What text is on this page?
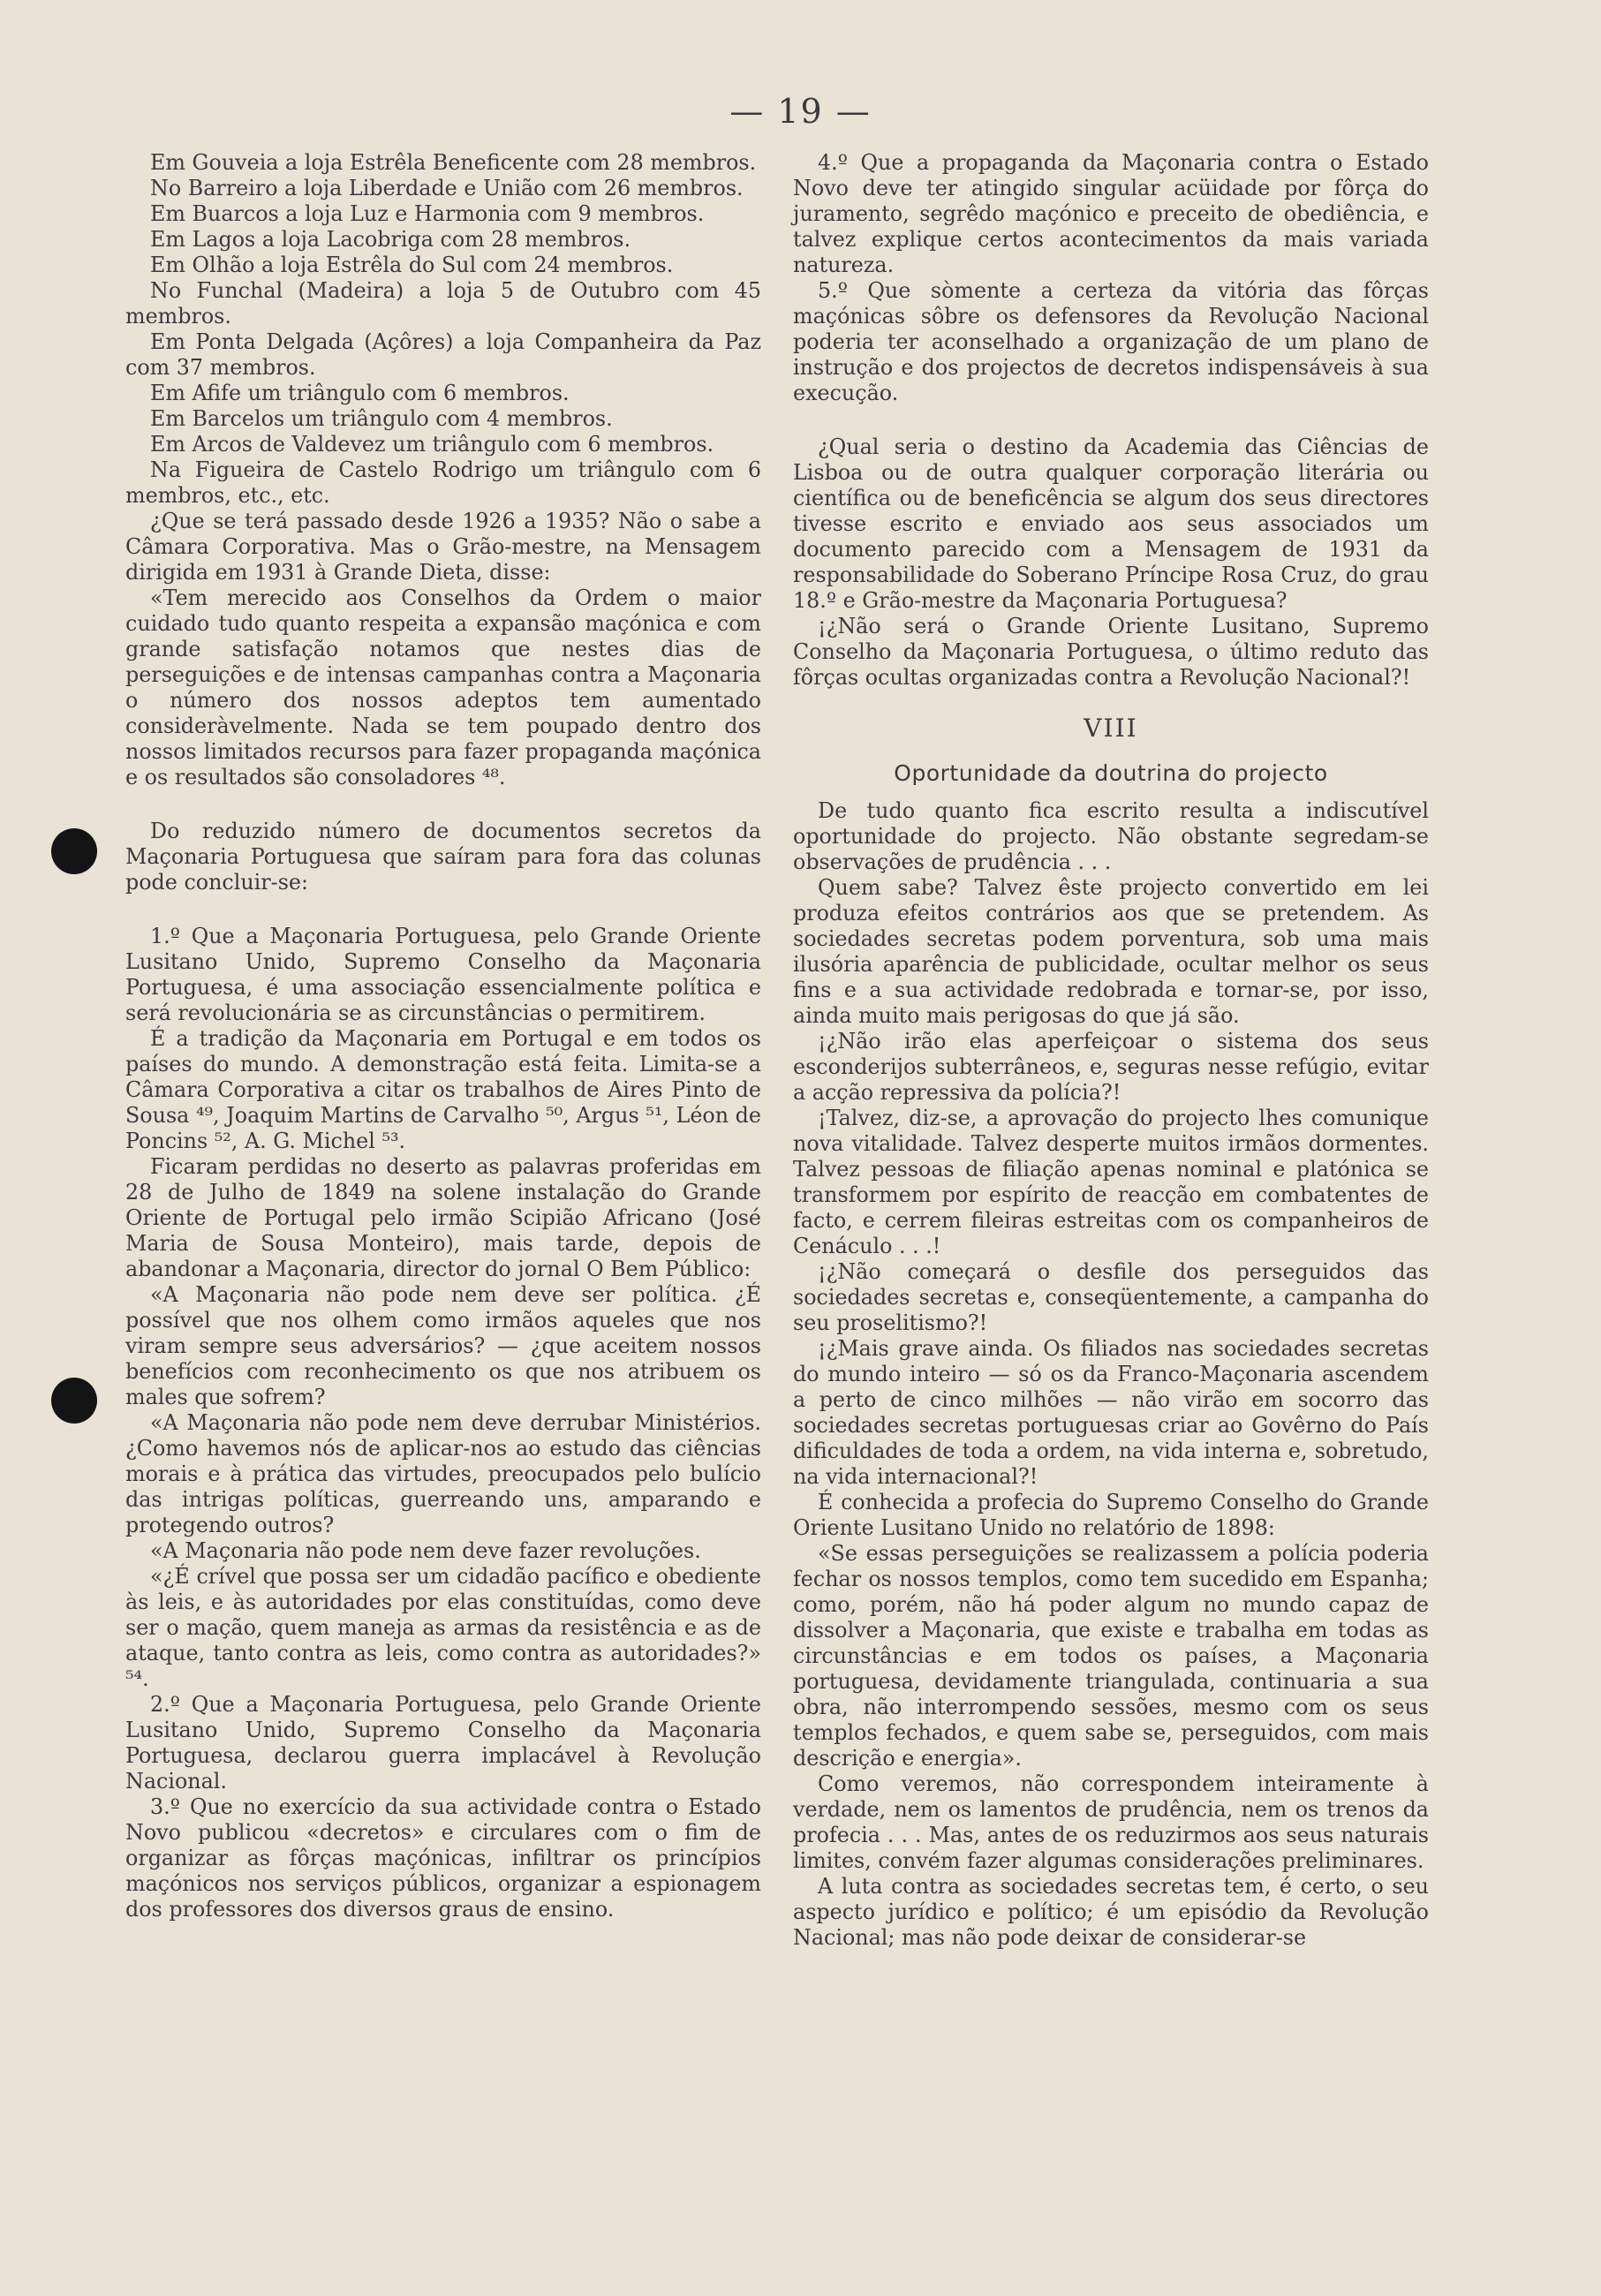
— 19 —

Em Gouveia a loja Estrêla Beneficente com 28 membros.

No Barreiro a loja Liberdade e União com 26 membros.

Em Buarcos a loja Luz e Harmonia com 9 membros.

Em Lagos a loja Lacobriga com 28 membros.

Em Olhão a loja Estrêla do Sul com 24 membros.

No Funchal (Madeira) a loja 5 de Outubro com 45 membros.

Em Ponta Delgada (Açôres) a loja Companheira da Paz com 37 membros.

Em Afife um triângulo com 6 membros.

Em Barcelos um triângulo com 4 membros.

Em Arcos de Valdevez um triângulo com 6 membros.

Na Figueira de Castelo Rodrigo um triângulo com 6 membros, etc., etc.

¿Que se terá passado desde 1926 a 1935? Não o sabe a Câmara Corporativa. Mas o Grão-mestre, na Mensagem dirigida em 1931 à Grande Dieta, disse:

«Tem merecido aos Conselhos da Ordem o maior cuidado tudo quanto respeita a expansão maçónica e com grande satisfação notamos que nestes dias de perseguições e de intensas campanhas contra a Maçonaria o número dos nossos adeptos tem aumentado consideràvelmente. Nada se tem poupado dentro dos nossos limitados recursos para fazer propaganda maçónica e os resultados são consoladores ⁴⁸.

Do reduzido número de documentos secretos da Maçonaria Portuguesa que saíram para fora das colunas pode concluir-se:

1.º Que a Maçonaria Portuguesa, pelo Grande Oriente Lusitano Unido, Supremo Conselho da Maçonaria Portuguesa, é uma associação essencialmente política e será revolucionária se as circunstâncias o permitirem.

É a tradição da Maçonaria em Portugal e em todos os países do mundo. A demonstração está feita. Limita-se a Câmara Corporativa a citar os trabalhos de Aires Pinto de Sousa ⁴⁹, Joaquim Martins de Carvalho ⁵⁰, Argus ⁵¹, Léon de Poncins ⁵², A. G. Michel ⁵³.

Ficaram perdidas no deserto as palavras proferidas em 28 de Julho de 1849 na solene instalação do Grande Oriente de Portugal pelo irmão Scipião Africano (José Maria de Sousa Monteiro), mais tarde, depois de abandonar a Maçonaria, director do jornal O Bem Público:

«A Maçonaria não pode nem deve ser política. ¿É possível que nos olhem como irmãos aqueles que nos viram sempre seus adversários? — ¿que aceitem nossos benefícios com reconhecimento os que nos atribuem os males que sofrem?

«A Maçonaria não pode nem deve derrubar Ministérios. ¿Como havemos nós de aplicar-nos ao estudo das ciências morais e à prática das virtudes, preocupados pelo bulício das intrigas políticas, guerreando uns, amparando e protegendo outros?

«A Maçonaria não pode nem deve fazer revoluções.

«¿É crível que possa ser um cidadão pacífico e obediente às leis, e às autoridades por elas constituídas, como deve ser o mação, quem maneja as armas da resistência e as de ataque, tanto contra as leis, como contra as autoridades?» ⁵⁴.

2.º Que a Maçonaria Portuguesa, pelo Grande Oriente Lusitano Unido, Supremo Conselho da Maçonaria Portuguesa, declarou guerra implacável à Revolução Nacional.

3.º Que no exercício da sua actividade contra o Estado Novo publicou «decretos» e circulares com o fim de organizar as fôrças maçónicas, infiltrar os princípios maçónicos nos serviços públicos, organizar a espionagem dos professores dos diversos graus de ensino.

4.º Que a propaganda da Maçonaria contra o Estado Novo deve ter atingido singular acüidade por fôrça do juramento, segrêdo maçónico e preceito de obediência, e talvez explique certos acontecimentos da mais variada natureza.

5.º Que sòmente a certeza da vitória das fôrças maçónicas sôbre os defensores da Revolução Nacional poderia ter aconselhado a organização de um plano de instrução e dos projectos de decretos indispensáveis à sua execução.

¿Qual seria o destino da Academia das Ciências de Lisboa ou de outra qualquer corporação literária ou científica ou de beneficência se algum dos seus directores tivesse escrito e enviado aos seus associados um documento parecido com a Mensagem de 1931 da responsabilidade do Soberano Príncipe Rosa Cruz, do grau 18.º e Grão-mestre da Maçonaria Portuguesa?

¡¿Não será o Grande Oriente Lusitano, Supremo Conselho da Maçonaria Portuguesa, o último reduto das fôrças ocultas organizadas contra a Revolução Nacional?!

VIII
Oportunidade da doutrina do projecto

De tudo quanto fica escrito resulta a indiscutível oportunidade do projecto. Não obstante segredam-se observações de prudência . . .

Quem sabe? Talvez êste projecto convertido em lei produza efeitos contrários aos que se pretendem. As sociedades secretas podem porventura, sob uma mais ilusória aparência de publicidade, ocultar melhor os seus fins e a sua actividade redobrada e tornar-se, por isso, ainda muito mais perigosas do que já são.

¡¿Não irão elas aperfeiçoar o sistema dos seus esconderijos subterrâneos, e, seguras nesse refúgio, evitar a acção repressiva da polícia?!

¡Talvez, diz-se, a aprovação do projecto lhes comunique nova vitalidade. Talvez desperte muitos irmãos dormentes. Talvez pessoas de filiação apenas nominal e platónica se transformem por espírito de reacção em combatentes de facto, e cerrem fileiras estreitas com os companheiros de Cenáculo . . .!

¡¿Não começará o desfile dos perseguidos das sociedades secretas e, conseqüentemente, a campanha do seu proselitismo?!

¡¿Mais grave ainda. Os filiados nas sociedades secretas do mundo inteiro — só os da Franco-Maçonaria ascendem a perto de cinco milhões — não virão em socorro das sociedades secretas portuguesas criar ao Govêrno do País dificuldades de toda a ordem, na vida interna e, sobretudo, na vida internacional?!

É conhecida a profecia do Supremo Conselho do Grande Oriente Lusitano Unido no relatório de 1898:

«Se essas perseguições se realizassem a polícia poderia fechar os nossos templos, como tem sucedido em Espanha; como, porém, não há poder algum no mundo capaz de dissolver a Maçonaria, que existe e trabalha em todas as circunstâncias e em todos os países, a Maçonaria portuguesa, devidamente triangulada, continuaria a sua obra, não interrompendo sessões, mesmo com os seus templos fechados, e quem sabe se, perseguidos, com mais descrição e energia».

Como veremos, não correspondem inteiramente à verdade, nem os lamentos de prudência, nem os trenos da profecia . . . Mas, antes de os reduzirmos aos seus naturais limites, convém fazer algumas considerações preliminares.

A luta contra as sociedades secretas tem, é certo, o seu aspecto jurídico e político; é um episódio da Revolução Nacional; mas não pode deixar de considerar-se
